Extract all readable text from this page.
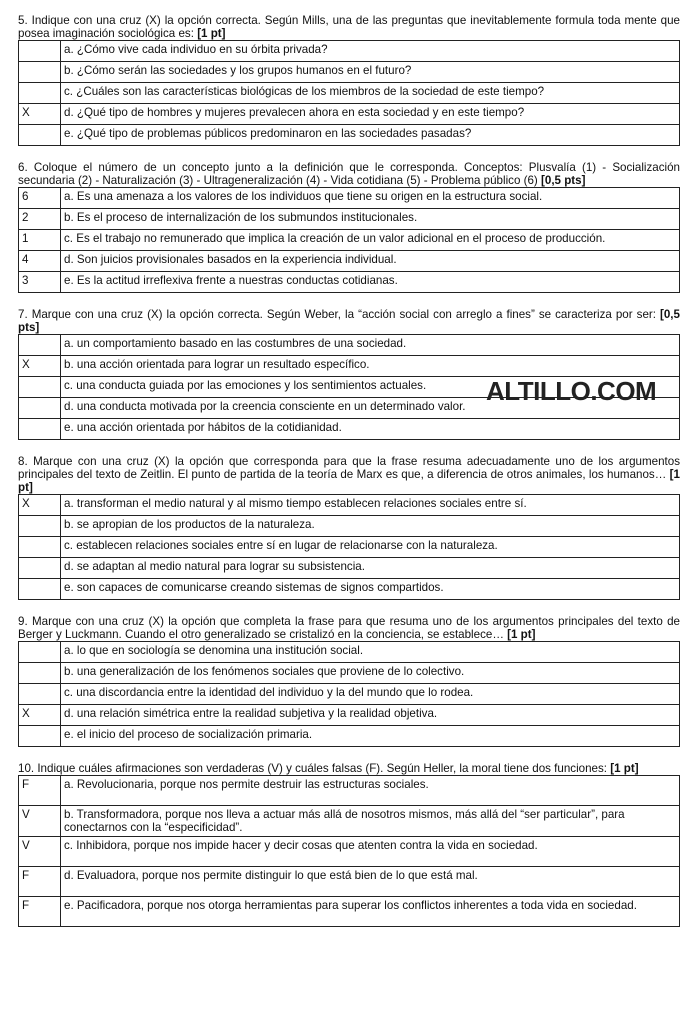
5. Indique con una cruz (X) la opción correcta. Según Mills, una de las preguntas que inevitablemente formula toda mente que posea imaginación sociológica es: [1 pt]

	a. ¿Cómo vive cada individuo en su órbita privada?
	b. ¿Cómo serán las sociedades y los grupos humanos en el futuro?
	c. ¿Cuáles son las características biológicas de los miembros de la sociedad de este tiempo?
X	d. ¿Qué tipo de hombres y mujeres prevalecen ahora en esta sociedad y en este tiempo?
	e. ¿Qué tipo de problemas públicos predominaron en las sociedades pasadas?

6. Coloque el número de un concepto junto a la definición que le corresponda. Conceptos: Plusvalía (1) - Socialización secundaria (2) - Naturalización (3) - Ultrageneralización (4) - Vida cotidiana (5) - Problema público (6) [0,5 pts]

6	a. Es una amenaza a los valores de los individuos que tiene su origen en la estructura social.
2	b. Es el proceso de internalización de los submundos institucionales.
1	c. Es el trabajo no remunerado que implica la creación de un valor adicional en el proceso de producción.
4	d. Son juicios provisionales basados en la experiencia individual.
3	e. Es la actitud irreflexiva frente a nuestras conductas cotidianas.

7. Marque con una cruz (X) la opción correcta. Según Weber, la “acción social con arreglo a fines” se caracteriza por ser: [0,5 pts]

	a. un comportamiento basado en las costumbres de una sociedad.
X	b. una acción orientada para lograr un resultado específico.
	c. una conducta guiada por las emociones y los sentimientos actuales.
	d. una conducta motivada por la creencia consciente en un determinado valor.
	e. una acción orientada por hábitos de la cotidianidad.

8. Marque con una cruz (X) la opción que corresponda para que la frase resuma adecuadamente uno de los argumentos principales del texto de Zeitlin. El punto de partida de la teoría de Marx es que, a diferencia de otros animales, los humanos… [1 pt]

X	a. transforman el medio natural y al mismo tiempo establecen relaciones sociales entre sí.
	b. se apropian de los productos de la naturaleza.
	c. establecen relaciones sociales entre sí en lugar de relacionarse con la naturaleza.
	d. se adaptan al medio natural para lograr su subsistencia.
	e. son capaces de comunicarse creando sistemas de signos compartidos.

9. Marque con una cruz (X) la opción que completa la frase para que resuma uno de los argumentos principales del texto de Berger y Luckmann. Cuando el otro generalizado se cristalizó en la conciencia, se establece… [1 pt]

	a. lo que en sociología se denomina una institución social.
	b. una generalización de los fenómenos sociales que proviene de lo colectivo.
	c. una discordancia entre la identidad del individuo y la del mundo que lo rodea.
X	d. una relación simétrica entre la realidad subjetiva y la realidad objetiva.
	e. el inicio del proceso de socialización primaria.

10. Indique cuáles afirmaciones son verdaderas (V) y cuáles falsas (F). Según Heller, la moral tiene dos funciones: [1 pt]

F	a. Revolucionaria, porque nos permite destruir las estructuras sociales.
V	b. Transformadora, porque nos lleva a actuar más allá de nosotros mismos, más allá del “ser particular”, para conectarnos con la “especificidad”.
V	c. Inhibidora, porque nos impide hacer y decir cosas que atenten contra la vida en sociedad.
F	d. Evaluadora, porque nos permite distinguir lo que está bien de lo que está mal.
F	e. Pacificadora, porque nos otorga herramientas para superar los conflictos inherentes a toda vida en sociedad.
ALTILLO.COM
